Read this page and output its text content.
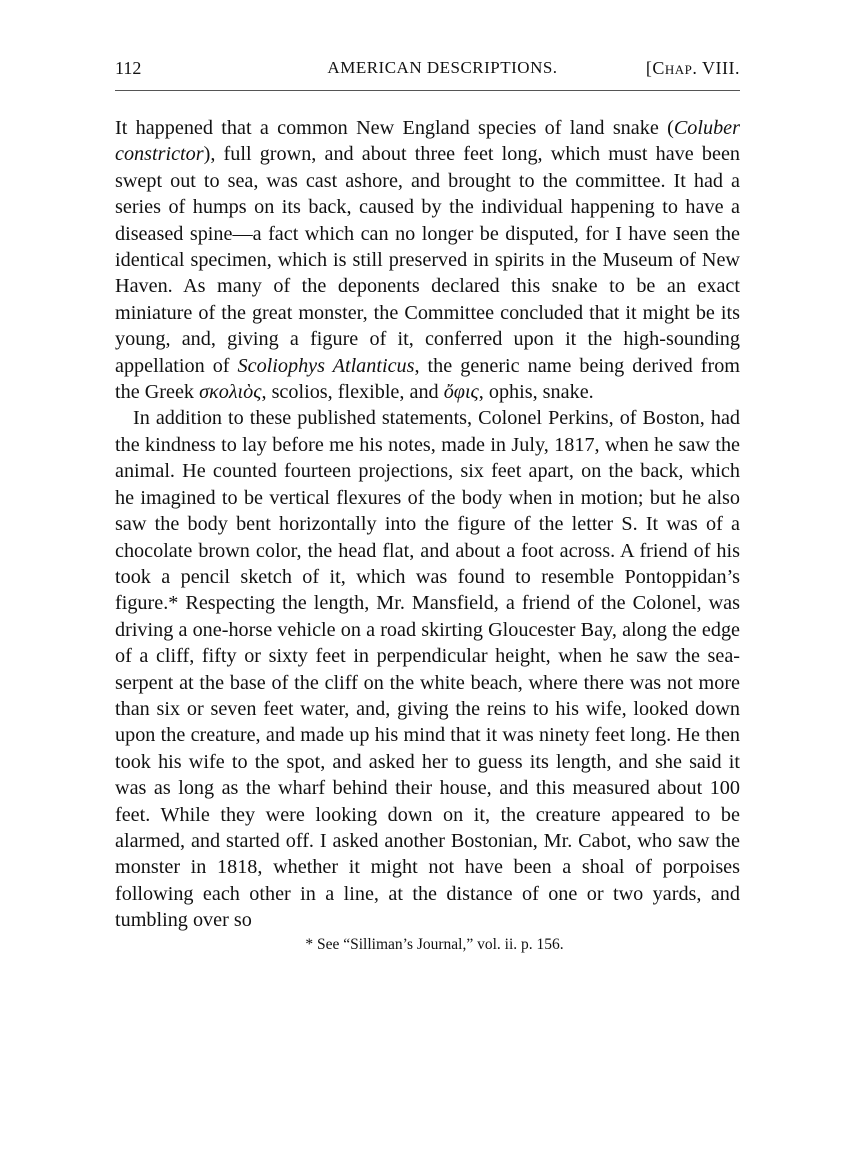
112	AMERICAN DESCRIPTIONS.	[Chap. VIII.

It happened that a common New England species of land snake (Coluber constrictor), full grown, and about three feet long, which must have been swept out to sea, was cast ashore, and brought to the committee. It had a series of humps on its back, caused by the individual happening to have a diseased spine—a fact which can no longer be disputed, for I have seen the identical specimen, which is still preserved in spirits in the Museum of New Haven. As many of the deponents declared this snake to be an exact miniature of the great monster, the Committee concluded that it might be its young, and, giving a figure of it, conferred upon it the high-sounding appellation of Scoliophys Atlanticus, the generic name being derived from the Greek σκολιὸς, scolios, flexible, and ὄφις, ophis, snake.

In addition to these published statements, Colonel Perkins, of Boston, had the kindness to lay before me his notes, made in July, 1817, when he saw the animal. He counted fourteen projections, six feet apart, on the back, which he imagined to be vertical flexures of the body when in motion; but he also saw the body bent horizontally into the figure of the letter S. It was of a chocolate brown color, the head flat, and about a foot across. A friend of his took a pencil sketch of it, which was found to resemble Pontoppidan’s figure.* Respecting the length, Mr. Mansfield, a friend of the Colonel, was driving a one-horse vehicle on a road skirting Gloucester Bay, along the edge of a cliff, fifty or sixty feet in perpendicular height, when he saw the sea-serpent at the base of the cliff on the white beach, where there was not more than six or seven feet water, and, giving the reins to his wife, looked down upon the creature, and made up his mind that it was ninety feet long. He then took his wife to the spot, and asked her to guess its length, and she said it was as long as the wharf behind their house, and this measured about 100 feet. While they were looking down on it, the creature appeared to be alarmed, and started off. I asked another Bostonian, Mr. Cabot, who saw the monster in 1818, whether it might not have been a shoal of porpoises following each other in a line, at the distance of one or two yards, and tumbling over so

* See “Silliman’s Journal,” vol. ii. p. 156.
